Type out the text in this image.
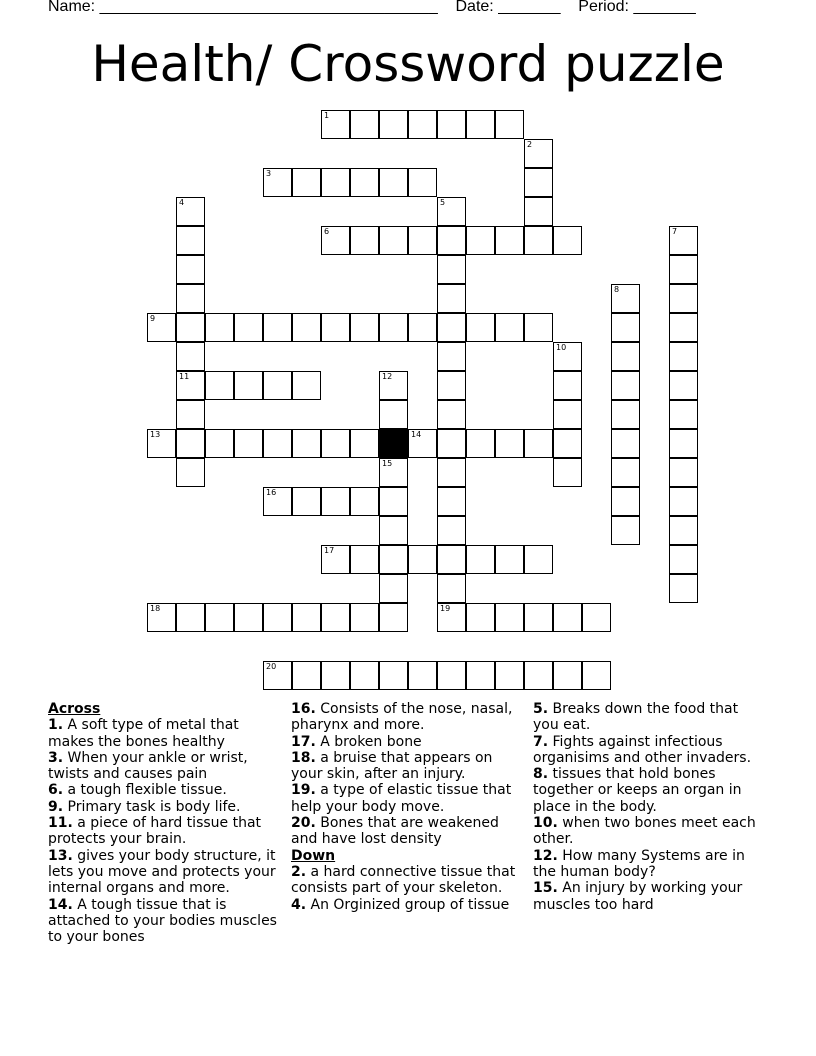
Name: ______________________________________ Date: _______ Period: _______
Health/ Crossword puzzle
1
2
3
4
11
5
19
6	7
8
9
10
12
13	14
15
16
17
18
20
Across
1. A soft type of metal that makes the bones healthy
3. When your ankle or wrist, twists and causes pain
6. a tough flexible tissue.
9. Primary task is body life.
11. a piece of hard tissue that protects your brain.
13. gives your body structure, it lets you move and protects your internal organs and more.
14. A tough tissue that is attached to your bodies muscles to your bones
16. Consists of the nose, nasal, pharynx and more.
17. A broken bone
18. a bruise that appears on your skin, after an injury.
19. a type of elastic tissue that help your body move.
20. Bones that are weakened and have lost density
Down
2. a hard connective tissue that consists part of your skeleton.
4. An Orginized group of tissue
5. Breaks down the food that you eat.
7. Fights against infectious organisims and other invaders.
8. tissues that hold bones together or keeps an organ in place in the body.
10. when two bones meet each other.
12. How many Systems are in the human body?
15. An injury by working your muscles too hard
